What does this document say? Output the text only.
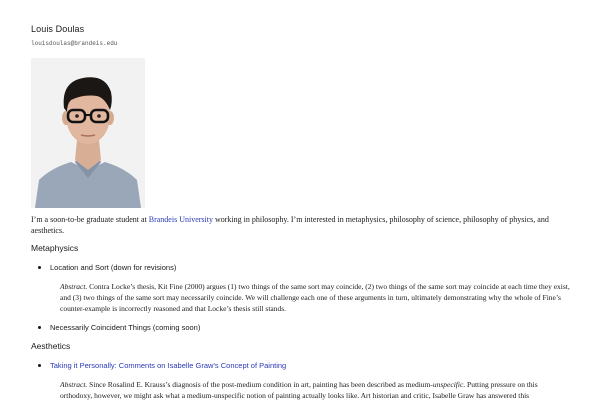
Louis Doulas
louisdoulas@brandeis.edu
I’m a soon-to-be graduate student at Brandeis University working in philosophy. I’m interested in metaphysics, philosophy of science, philosophy of physics, and aesthetics.
Metaphysics
Location and Sort (down for revisions)
Abstract. Contra Locke’s thesis, Kit Fine (2000) argues (1) two things of the same sort may coincide, (2) two things of the same sort may coincide at each time they exist, and (3) two things of the same sort may necessarily coincide. We will challenge each one of these arguments in turn, ultimately demonstrating why the whole of Fine’s counter-example is incorrectly reasoned and that Locke’s thesis still stands.
Necessarily Coincident Things (coming soon)
Aesthetics
Taking it Personally: Comments on Isabelle Graw’s Concept of Painting
Abstract. Since Rosalind E. Krauss’s diagnosis of the post-medium condition in art, painting has been described as medium-unspecific. Putting pressure on this orthodoxy, however, we might ask what a medium-unspecific notion of painting actually looks like. Art historian and critic, Isabelle Graw has answered this
